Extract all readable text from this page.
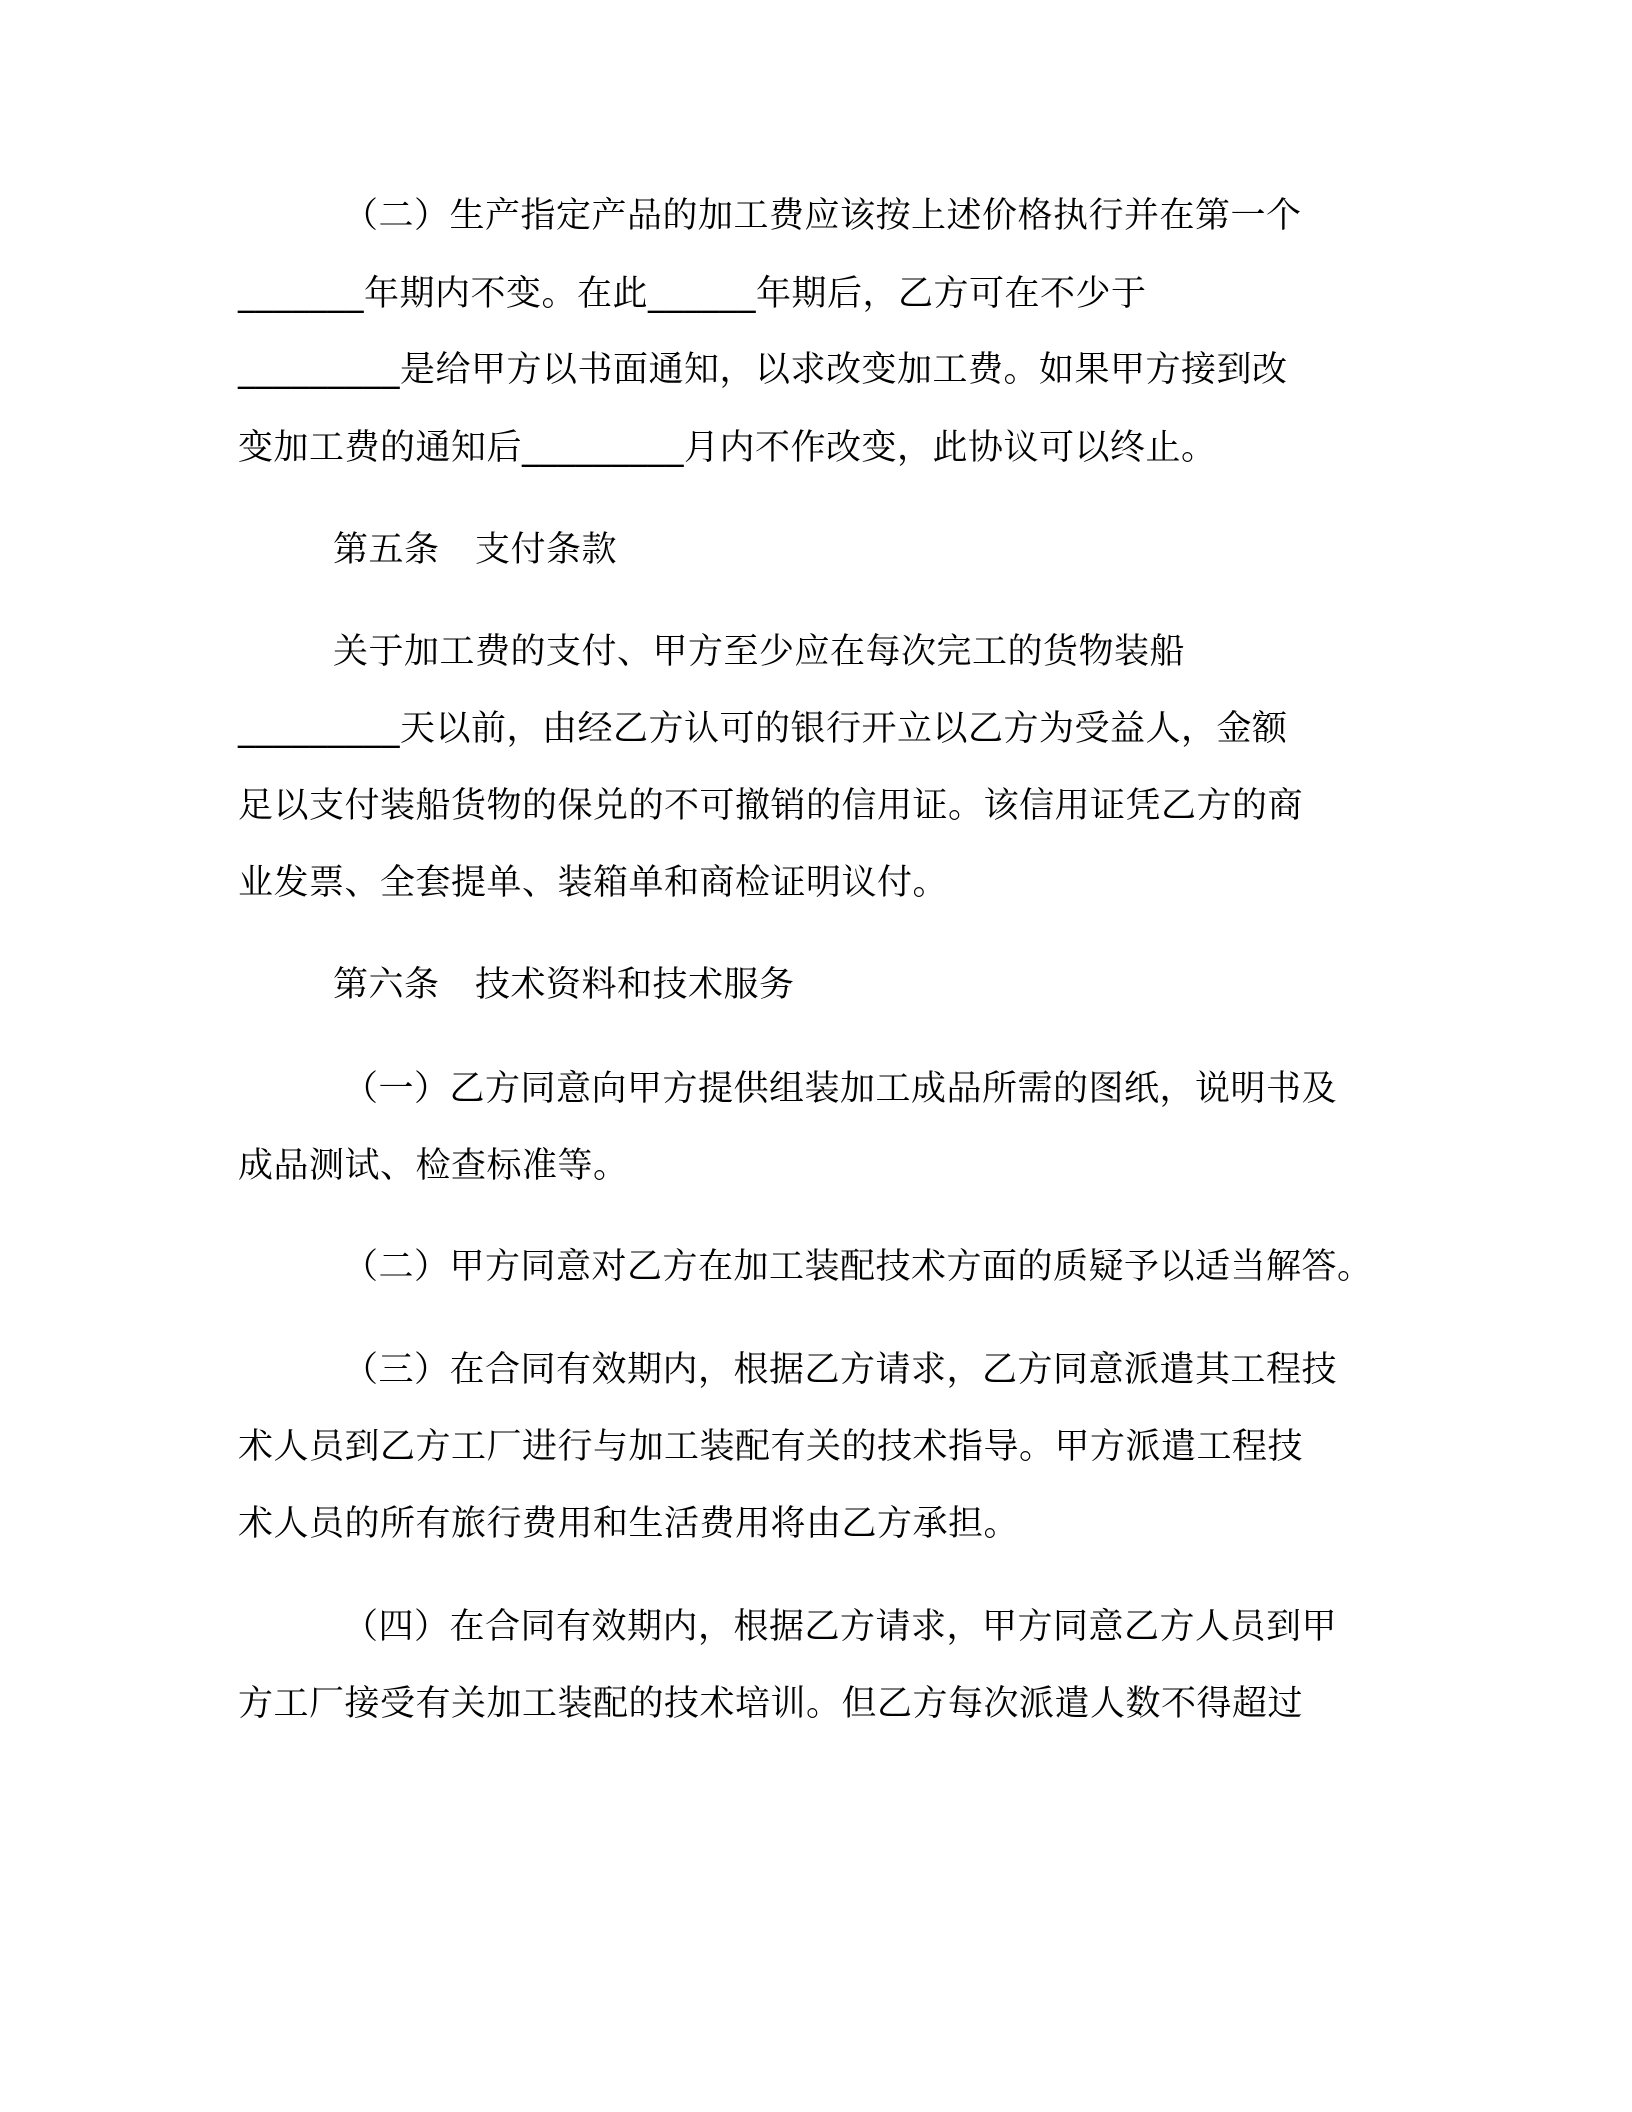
（二）生产指定产品的加工费应该按上述价格执行并在第一个

_______年期内不变。在此______年期后，乙方可在不少于

_________是给甲方以书面通知，以求改变加工费。如果甲方接到改

变加工费的通知后_________月内不作改变，此协议可以终止。

第五条　支付条款

关于加工费的支付、甲方至少应在每次完工的货物装船

_________天以前，由经乙方认可的银行开立以乙方为受益人，金额

足以支付装船货物的保兑的不可撤销的信用证。该信用证凭乙方的商

业发票、全套提单、装箱单和商检证明议付。

第六条　技术资料和技术服务

（一）乙方同意向甲方提供组装加工成品所需的图纸，说明书及

成品测试、检查标准等。

（二）甲方同意对乙方在加工装配技术方面的质疑予以适当解答。

（三）在合同有效期内，根据乙方请求，乙方同意派遣其工程技

术人员到乙方工厂进行与加工装配有关的技术指导。甲方派遣工程技

术人员的所有旅行费用和生活费用将由乙方承担。

（四）在合同有效期内，根据乙方请求，甲方同意乙方人员到甲

方工厂接受有关加工装配的技术培训。但乙方每次派遣人数不得超过
